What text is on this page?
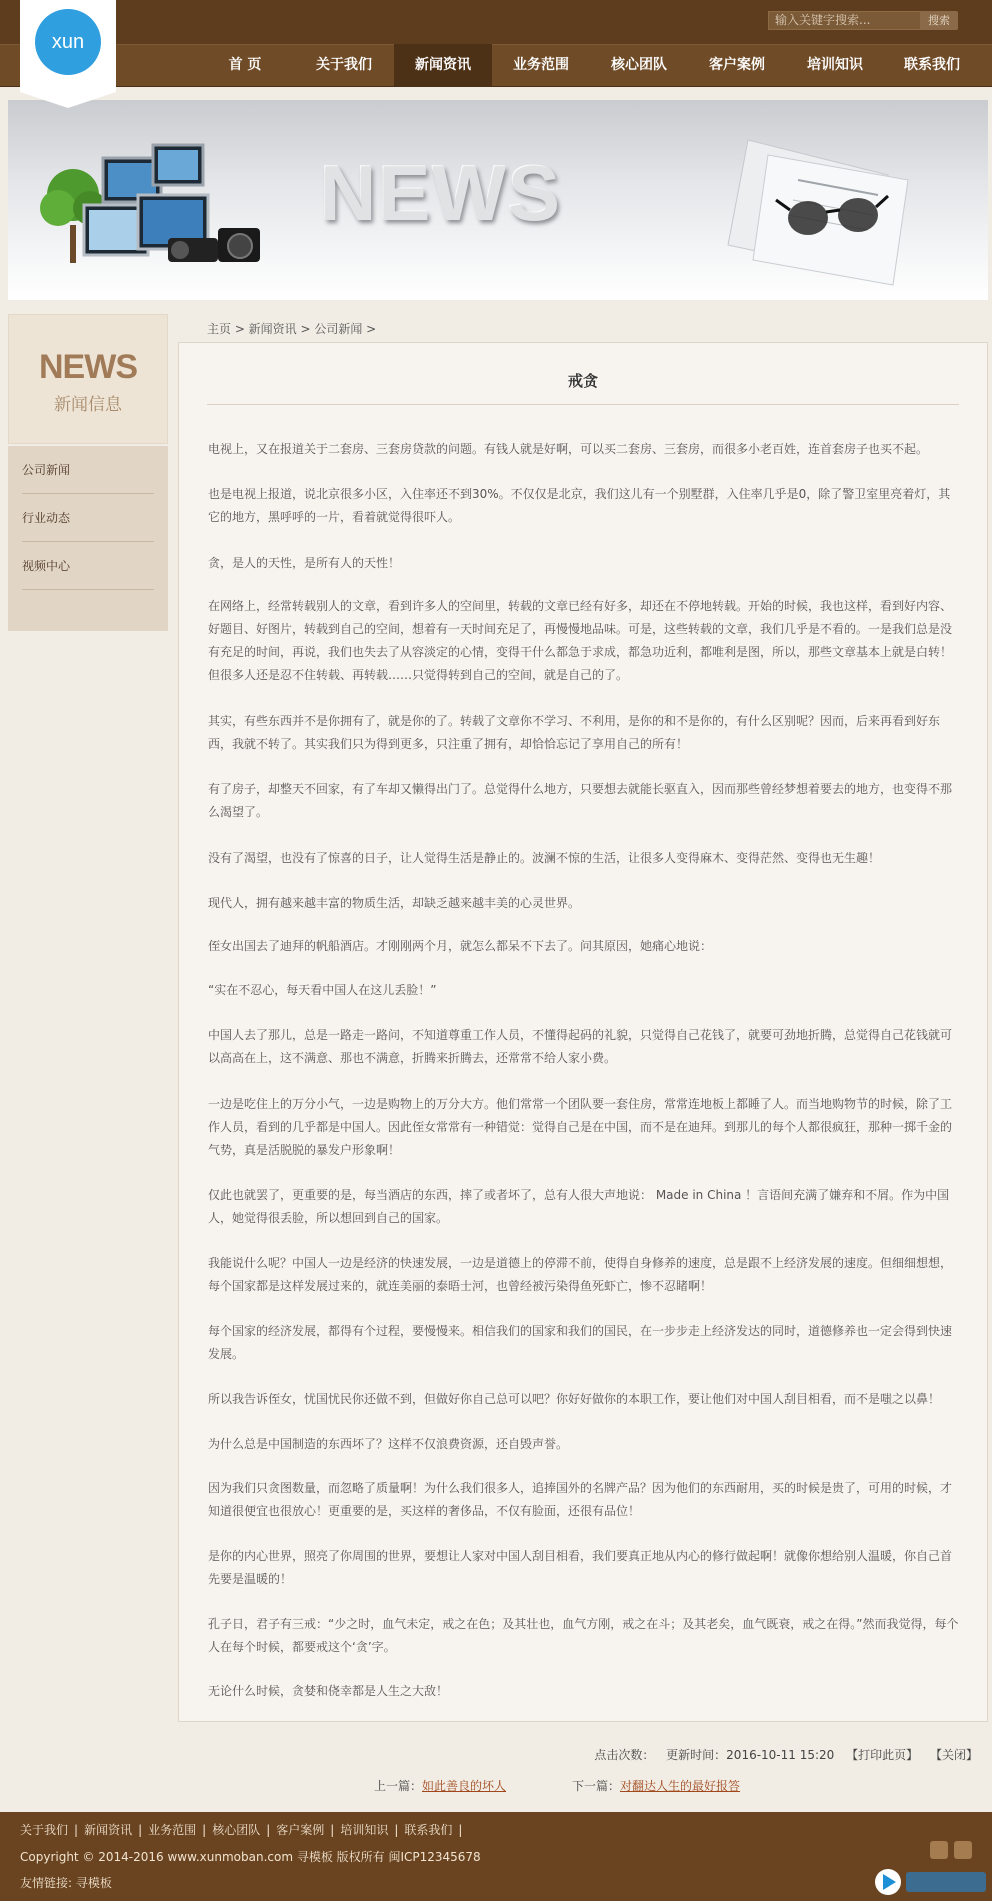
xun
输入关键字搜索...	搜索
首 页	关于我们	新闻资讯	业务范围	核心团队	客户案例	培训知识	联系我们
NEWS
NEWS
新闻信息
公司新闻
行业动态
视频中心
主页 > 新闻资讯 > 公司新闻 >
戒贪

电视上，又在报道关于二套房、三套房贷款的问题。有钱人就是好啊，可以买二套房、三套房，而很多小老百姓，连首套房子也买不起。

也是电视上报道，说北京很多小区，入住率还不到30%。不仅仅是北京，我们这儿有一个别墅群，入住率几乎是0，除了警卫室里亮着灯，其它的地方，黑呼呼的一片，看着就觉得很吓人。

贪，是人的天性，是所有人的天性！

在网络上，经常转载别人的文章，看到许多人的空间里，转载的文章已经有好多，却还在不停地转载。开始的时候，我也这样，看到好内容、好题目、好图片，转载到自己的空间，想着有一天时间充足了，再慢慢地品味。可是，这些转载的文章，我们几乎是不看的。一是我们总是没有充足的时间，再说，我们也失去了从容淡定的心情，变得干什么都急于求成，都急功近利，都唯利是图，所以，那些文章基本上就是白转！但很多人还是忍不住转载、再转载……只觉得转到自己的空间，就是自己的了。

其实，有些东西并不是你拥有了，就是你的了。转载了文章你不学习、不利用，是你的和不是你的，有什么区别呢？因而，后来再看到好东西，我就不转了。其实我们只为得到更多，只注重了拥有，却恰恰忘记了享用自己的所有！

有了房子，却整天不回家，有了车却又懒得出门了。总觉得什么地方，只要想去就能长驱直入，因而那些曾经梦想着要去的地方，也变得不那么渴望了。

没有了渴望，也没有了惊喜的日子，让人觉得生活是静止的。波澜不惊的生活，让很多人变得麻木、变得茫然、变得也无生趣！

现代人，拥有越来越丰富的物质生活，却缺乏越来越丰美的心灵世界。

侄女出国去了迪拜的帆船酒店。才刚刚两个月，就怎么都呆不下去了。问其原因，她痛心地说：

“实在不忍心，每天看中国人在这儿丢脸！”

中国人去了那儿，总是一路走一路问，不知道尊重工作人员，不懂得起码的礼貌，只觉得自己花钱了，就要可劲地折腾，总觉得自己花钱就可以高高在上，这不满意、那也不满意，折腾来折腾去，还常常不给人家小费。

一边是吃住上的万分小气，一边是购物上的万分大方。他们常常一个团队要一套住房，常常连地板上都睡了人。而当地购物节的时候，除了工作人员，看到的几乎都是中国人。因此侄女常常有一种错觉：觉得自己是在中国，而不是在迪拜。到那儿的每个人都很疯狂，那种一掷千金的气势，真是活脱脱的暴发户形象啊！

仅此也就罢了，更重要的是，每当酒店的东西，摔了或者坏了，总有人很大声地说： Made in China ！言语间充满了嫌弃和不屑。作为中国人，她觉得很丢脸，所以想回到自己的国家。

我能说什么呢？中国人一边是经济的快速发展，一边是道德上的停滞不前，使得自身修养的速度，总是跟不上经济发展的速度。但细细想想，每个国家都是这样发展过来的，就连美丽的泰晤士河，也曾经被污染得鱼死虾亡，惨不忍睹啊！

每个国家的经济发展，都得有个过程，要慢慢来。相信我们的国家和我们的国民，在一步步走上经济发达的同时，道德修养也一定会得到快速发展。

所以我告诉侄女，忧国忧民你还做不到，但做好你自己总可以吧？你好好做你的本职工作，要让他们对中国人刮目相看，而不是嗤之以鼻！

为什么总是中国制造的东西坏了？这样不仅浪费资源，还自毁声誉。

因为我们只贪图数量，而忽略了质量啊！为什么我们很多人，追捧国外的名牌产品？因为他们的东西耐用，买的时候是贵了，可用的时候，才知道很便宜也很放心！更重要的是，买这样的奢侈品，不仅有脸面，还很有品位！

是你的内心世界，照亮了你周围的世界，要想让人家对中国人刮目相看，我们要真正地从内心的修行做起啊！就像你想给别人温暖，你自己首先要是温暖的！

孔子日，君子有三戒：“少之时，血气未定，戒之在色；及其壮也，血气方刚，戒之在斗；及其老矣，血气既衰，戒之在得。”然而我觉得，每个人在每个时候，都要戒这个‘贪’字。

无论什么时候，贪婪和侥幸都是人生之大敌！

点击次数： 更新时间：2016-10-11 15:20 【打印此页】 【关闭】
上一篇：如此善良的坏人	下一篇：对翻达人生的最好报答
关于我们 | 新闻资讯 | 业务范围 | 核心团队 | 客户案例 | 培训知识 | 联系我们 |
Copyright © 2014-2016 www.xunmoban.com 寻模板 版权所有 闽ICP12345678
友情链接: 寻模板
